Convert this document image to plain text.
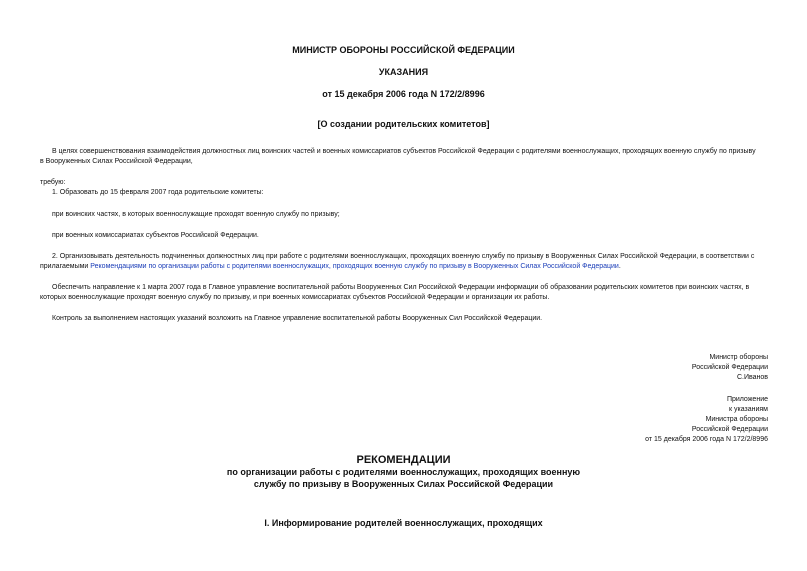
МИНИСТР ОБОРОНЫ РОССИЙСКОЙ ФЕДЕРАЦИИ
УКАЗАНИЯ
от 15 декабря 2006 года N 172/2/8996
[О создании родительских комитетов]
В целях совершенствования взаимодействия должностных лиц воинских частей и военных комиссариатов субъектов Российской Федерации с родителями военнослужащих, проходящих военную службу по призыву
в Вооруженных Силах Российской Федерации,
требую:
1. Образовать до 15 февраля 2007 года родительские комитеты:
при воинских частях, в которых военнослужащие проходят военную службу по призыву;
при военных комиссариатах субъектов Российской Федерации.
2. Организовывать деятельность подчиненных должностных лиц при работе с родителями военнослужащих, проходящих военную службу по призыву в Вооруженных Силах Российской Федерации, в соответствии с
прилагаемыми Рекомендациями по организации работы с родителями военнослужащих, проходящих военную службу по призыву в Вооруженных Силах Российской Федерации.
Обеспечить направление к 1 марта 2007 года в Главное управление воспитательной работы Вооруженных Сил Российской Федерации информации об образовании родительских комитетов при воинских частях, в
которых военнослужащие проходят военную службу по призыву, и при военных комиссариатах субъектов Российской Федерации и организации их работы.
Контроль за выполнением настоящих указаний возложить на Главное управление воспитательной работы Вооруженных Сил Российской Федерации.
Министр обороны
Российской Федерации
С.Иванов
Приложение
к указаниям
Министра обороны
Российской Федерации
от 15 декабря 2006 года N 172/2/8996
РЕКОМЕНДАЦИИ
по организации работы с родителями военнослужащих, проходящих военную
службу по призыву в Вооруженных Силах Российской Федерации
I. Информирование родителей военнослужащих, проходящих
